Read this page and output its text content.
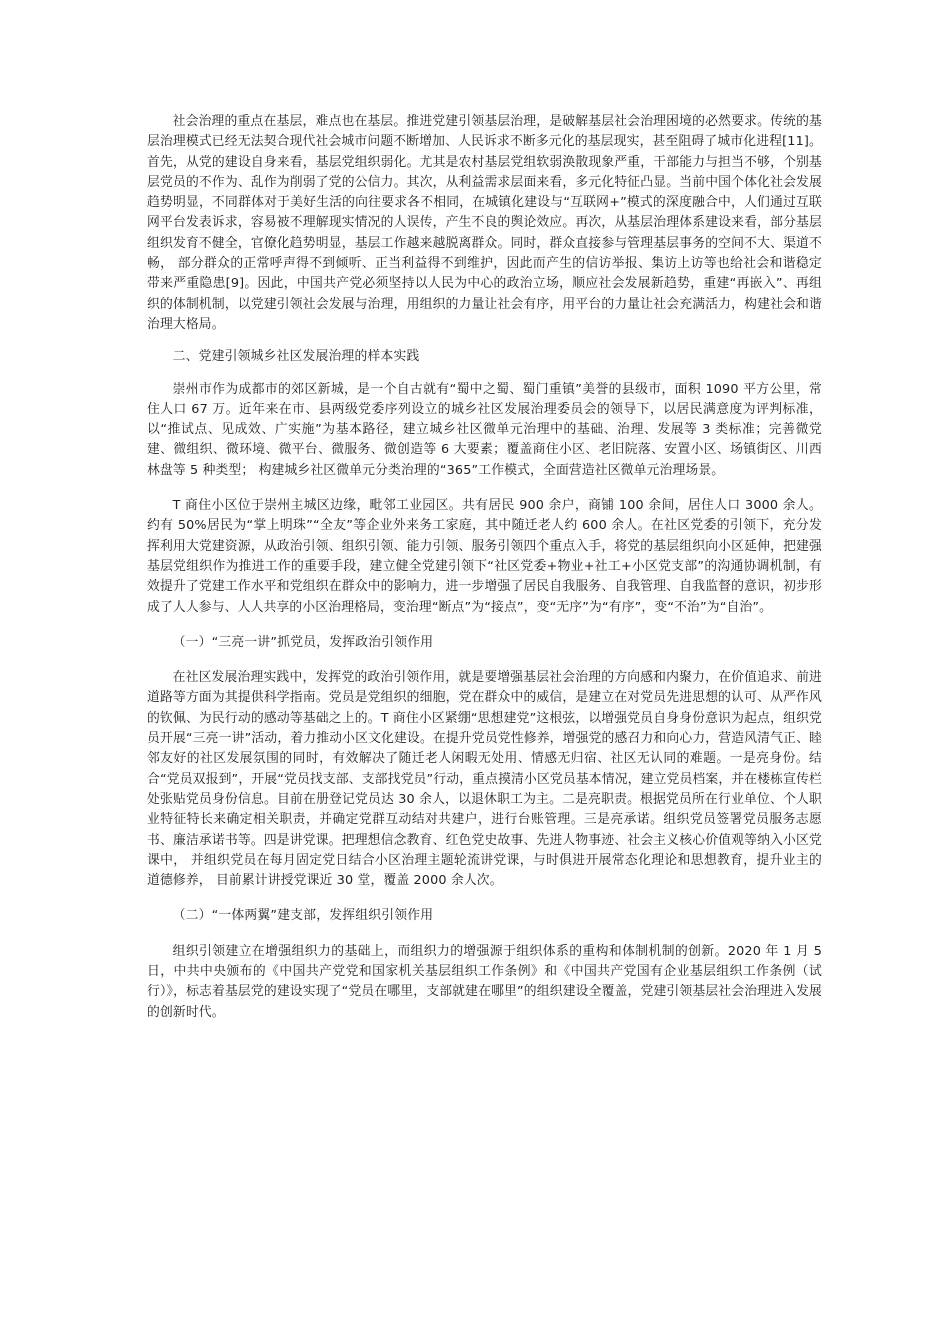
社会治理的重点在基层，难点也在基层。推进党建引领基层治理，是破解基层社会治理困境的必然要求。传统的基层治理模式已经无法契合现代社会城市问题不断增加、人民诉求不断多元化的基层现实，甚至阻碍了城市化进程[11]。首先，从党的建设自身来看，基层党组织弱化。尤其是农村基层党组软弱涣散现象严重，干部能力与担当不够，个别基层党员的不作为、乱作为削弱了党的公信力。其次，从利益需求层面来看，多元化特征凸显。当前中国个体化社会发展趋势明显，不同群体对于美好生活的向往要求各不相同，在城镇化建设与“互联网+”模式的深度融合中，人们通过互联网平台发表诉求，容易被不理解现实情况的人误传，产生不良的舆论效应。再次，从基层治理体系建设来看，部分基层组织发育不健全，官僚化趋势明显，基层工作越来越脱离群众。同时，群众直接参与管理基层事务的空间不大、渠道不畅， 部分群众的正常呼声得不到倾听、正当利益得不到维护，因此而产生的信访举报、集访上访等也给社会和谐稳定带来严重隐患[9]。因此，中国共产党必须坚持以人民为中心的政治立场，顺应社会发展新趋势，重建“再嵌入”、再组织的体制机制，以党建引领社会发展与治理，用组织的力量让社会有序，用平台的力量让社会充满活力，构建社会和谐治理大格局。

二、党建引领城乡社区发展治理的样本实践

崇州市作为成都市的郊区新城，是一个自古就有“蜀中之蜀、蜀门重镇”美誉的县级市，面积 1090 平方公里，常住人口 67 万。近年来在市、县两级党委序列设立的城乡社区发展治理委员会的领导下，以居民满意度为评判标准，以“推试点、见成效、广实施”为基本路径，建立城乡社区微单元治理中的基础、治理、发展等 3 类标准；完善微党建、微组织、微环境、微平台、微服务、微创造等 6 大要素；覆盖商住小区、老旧院落、安置小区、场镇街区、川西林盘等 5 种类型； 构建城乡社区微单元分类治理的“365”工作模式，全面营造社区微单元治理场景。

T 商住小区位于崇州主城区边缘，毗邻工业园区。共有居民 900 余户，商铺 100 余间，居住人口 3000 余人。约有 50%居民为“掌上明珠”“全友”等企业外来务工家庭，其中随迁老人约 600 余人。在社区党委的引领下，充分发挥利用大党建资源，从政治引领、组织引领、能力引领、服务引领四个重点入手，将党的基层组织向小区延伸，把建强基层党组织作为推进工作的重要手段，建立健全党建引领下“社区党委+物业+社工+小区党支部”的沟通协调机制，有效提升了党建工作水平和党组织在群众中的影响力，进一步增强了居民自我服务、自我管理、自我监督的意识，初步形成了人人参与、人人共享的小区治理格局，变治理“断点”为“接点”，变“无序”为“有序”，变“不治”为“自治”。

（一）“三亮一讲”抓党员，发挥政治引领作用

在社区发展治理实践中，发挥党的政治引领作用，就是要增强基层社会治理的方向感和内聚力，在价值追求、前进道路等方面为其提供科学指南。党员是党组织的细胞，党在群众中的威信，是建立在对党员先进思想的认可、从严作风的钦佩、为民行动的感动等基础之上的。T 商住小区紧绷“思想建党”这根弦，以增强党员自身身份意识为起点，组织党员开展“三亮一讲”活动，着力推动小区文化建设。在提升党员党性修养，增强党的感召力和向心力，营造风清气正、睦邻友好的社区发展氛围的同时，有效解决了随迁老人闲暇无处用、情感无归宿、社区无认同的难题。一是亮身份。结合“党员双报到”，开展“党员找支部、支部找党员”行动，重点摸清小区党员基本情况，建立党员档案，并在楼栋宣传栏处张贴党员身份信息。目前在册登记党员达 30 余人，以退休职工为主。二是亮职责。根据党员所在行业单位、个人职业特征特长来确定相关职责，并确定党群互动结对共建户，进行台账管理。三是亮承诺。组织党员签署党员服务志愿书、廉洁承诺书等。四是讲党课。把理想信念教育、红色党史故事、先进人物事迹、社会主义核心价值观等纳入小区党课中， 并组织党员在每月固定党日结合小区治理主题轮流讲党课，与时俱进开展常态化理论和思想教育，提升业主的道德修养， 目前累计讲授党课近 30 堂，覆盖 2000 余人次。

（二）“一体两翼”建支部，发挥组织引领作用

组织引领建立在增强组织力的基础上，而组织力的增强源于组织体系的重构和体制机制的创新。2020 年 1 月 5 日，中共中央颁布的《中国共产党党和国家机关基层组织工作条例》和《中国共产党国有企业基层组织工作条例（试行）》，标志着基层党的建设实现了“党员在哪里，支部就建在哪里”的组织建设全覆盖，党建引领基层社会治理进入发展的创新时代。
